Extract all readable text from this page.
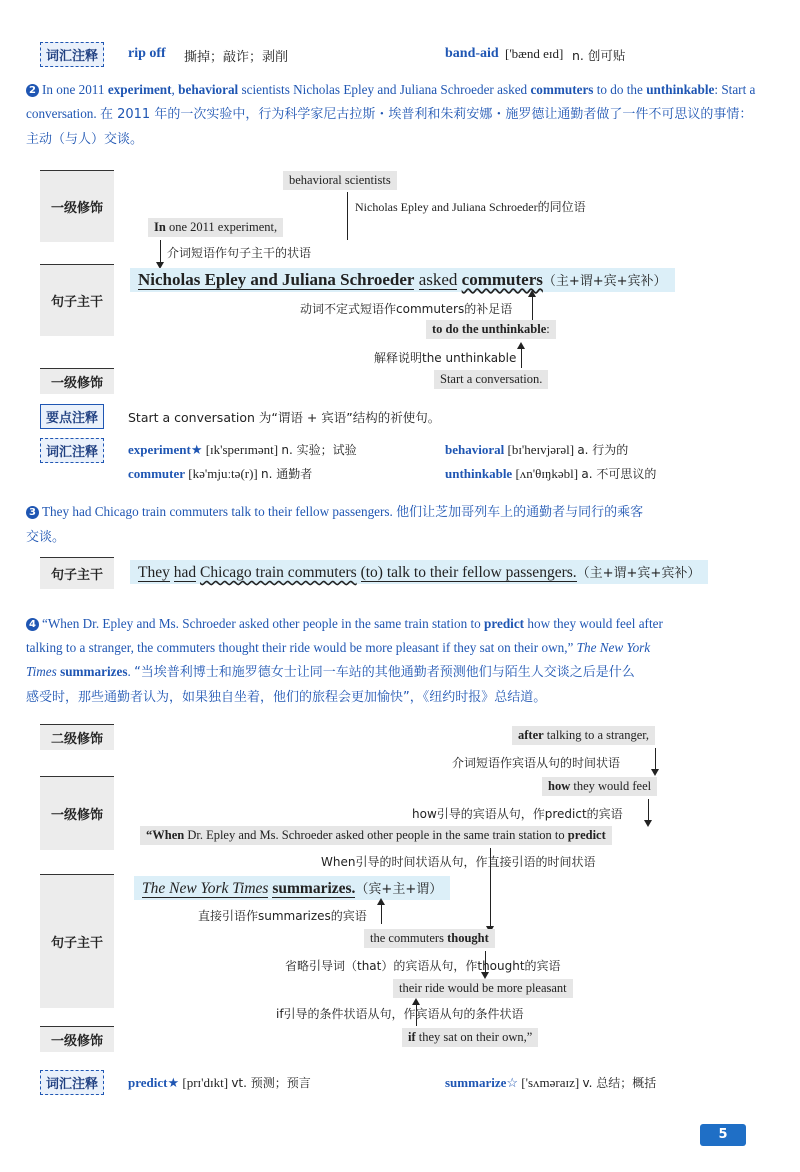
词汇注释	rip off 撕掉；敲诈；剥削	band-aid ['bænd eɪd] n. 创可贴
2 In one 2011 experiment, behavioral scientists Nicholas Epley and Juliana Schroeder asked commuters to do the unthinkable: Start a conversation. 在 2011 年的一次实验中，行为科学家尼古拉斯・埃普利和朱莉安娜・施罗德让通勤者做了一件不可思议的事情：主动（与人）交谈。
一级修饰
behavioral scientists
Nicholas Epley and Juliana Schroeder的同位语
In one 2011 experiment,
介词短语作句子主干的状语
句子主干
Nicholas Epley and Juliana Schroeder asked commuters（主+谓+宾+宾补）
动词不定式短语作commuters的补足语
to do the unthinkable:
解释说明the unthinkable
一级修饰	Start a conversation.
要点注释	Start a conversation 为“谓语 + 宾语”结构的祈使句。
词汇注释	experiment★ [ɪk'sperɪmənt] n. 实验；试验	behavioral [bɪ'heɪvjərəl] a. 行为的
commuter [kə'mjuːtə(r)] n. 通勤者	unthinkable [ʌn'θɪŋkəbl] a. 不可思议的
3 They had Chicago train commuters talk to their fellow passengers. 他们让芝加哥列车上的通勤者与同行的乘客
交谈。
句子主干	They had Chicago train commuters (to) talk to their fellow passengers.（主+谓+宾+宾补）
4 “When Dr. Epley and Ms. Schroeder asked other people in the same train station to predict how they would feel after
talking to a stranger, the commuters thought their ride would be more pleasant if they sat on their own,” The New York
Times summarizes. “当埃普利博士和施罗德女士让同一车站的其他通勤者预测他们与陌生人交谈之后是什么
感受时，那些通勤者认为，如果独自坐着，他们的旅程会更加愉快”，《纽约时报》总结道。
二级修饰	after talking to a stranger,
介词短语作宾语从句的时间状语
一级修饰
how they would feel
how引导的宾语从句，作predict的宾语
“When Dr. Epley and Ms. Schroeder asked other people in the same train station to predict
When引导的时间状语从句，作直接引语的时间状语
句子主干
The New York Times summarizes.（宾+主+谓）
直接引语作summarizes的宾语
the commuters thought
省略引导词（that）的宾语从句，作thought的宾语
their ride would be more pleasant
if引导的条件状语从句，作宾语从句的条件状语
一级修饰	if they sat on their own,”
词汇注释	predict★ [prɪ'dɪkt] vt. 预测；预言	summarize☆ ['sʌməraɪz] v. 总结；概括
5
